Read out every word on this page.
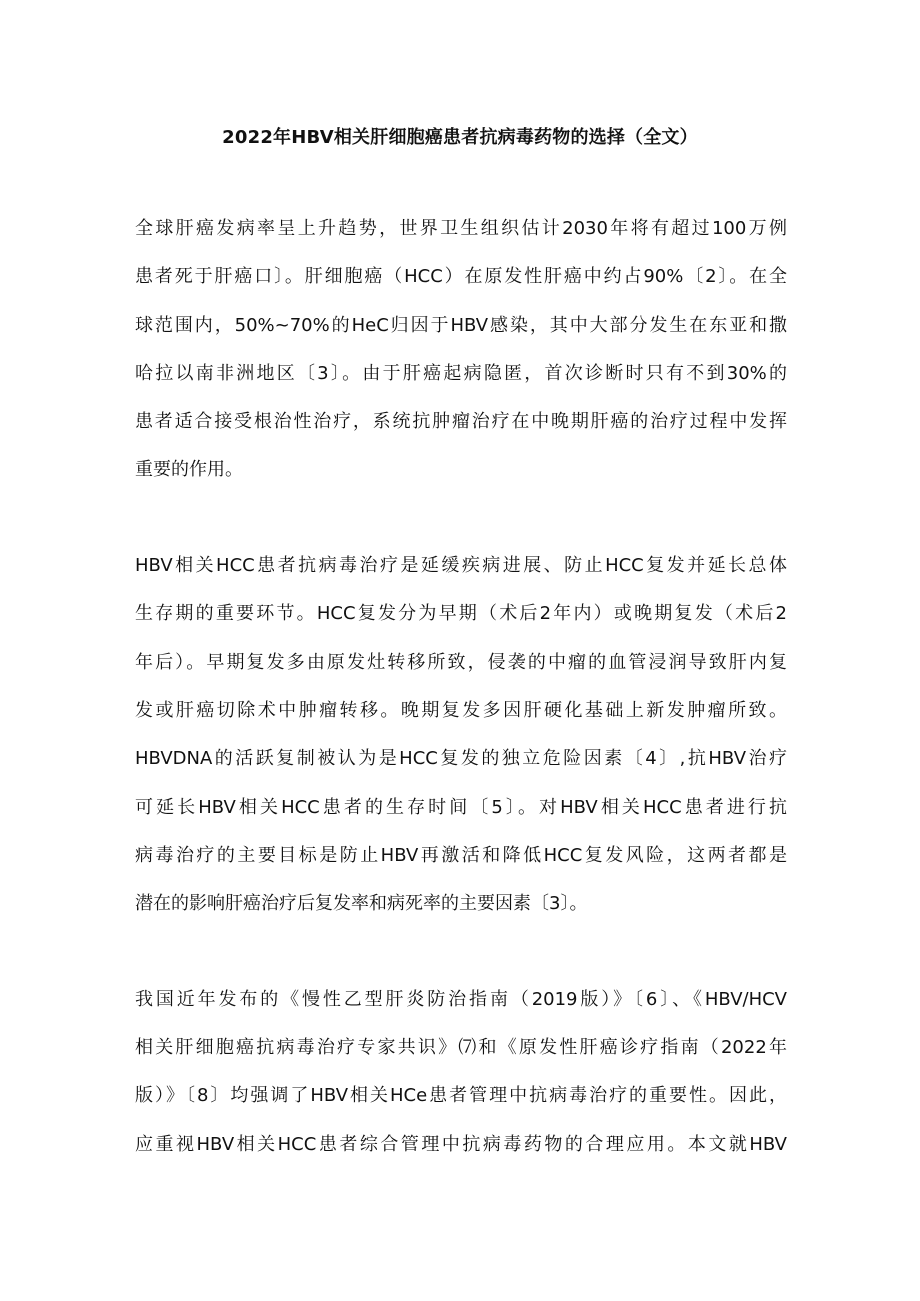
2022年HBV相关肝细胞癌患者抗病毒药物的选择（全文）
全球肝癌发病率呈上升趋势，世界卫生组织估计2030年将有超过100万例
患者死于肝癌口〕。肝细胞癌（HCC）在原发性肝癌中约占90%〔2〕。在全
球范围内，50%~70%的HeC归因于HBV感染，其中大部分发生在东亚和撒
哈拉以南非洲地区〔3〕。由于肝癌起病隐匿，首次诊断时只有不到30%的
患者适合接受根治性治疗，系统抗肿瘤治疗在中晚期肝癌的治疗过程中发挥
重要的作用。
HBV相关HCC患者抗病毒治疗是延缓疾病进展、防止HCC复发并延长总体
生存期的重要环节。HCC复发分为早期（术后2年内）或晚期复发（术后2
年后）。早期复发多由原发灶转移所致，侵袭的中瘤的血管浸润导致肝内复
发或肝癌切除术中肿瘤转移。晚期复发多因肝硬化基础上新发肿瘤所致。
HBVDNA的活跃复制被认为是HCC复发的独立危险因素〔4〕,抗HBV治疗
可延长HBV相关HCC患者的生存时间〔5〕。对HBV相关HCC患者进行抗
病毒治疗的主要目标是防止HBV再激活和降低HCC复发风险，这两者都是
潜在的影响肝癌治疗后复发率和病死率的主要因素〔3〕。
我国近年发布的《慢性乙型肝炎防治指南（2019版）》〔6〕、《HBV/HCV
相关肝细胞癌抗病毒治疗专家共识》⑺和《原发性肝癌诊疗指南（2022年
版）》〔8〕均强调了HBV相关HCe患者管理中抗病毒治疗的重要性。因此，
应重视HBV相关HCC患者综合管理中抗病毒药物的合理应用。本文就HBV
